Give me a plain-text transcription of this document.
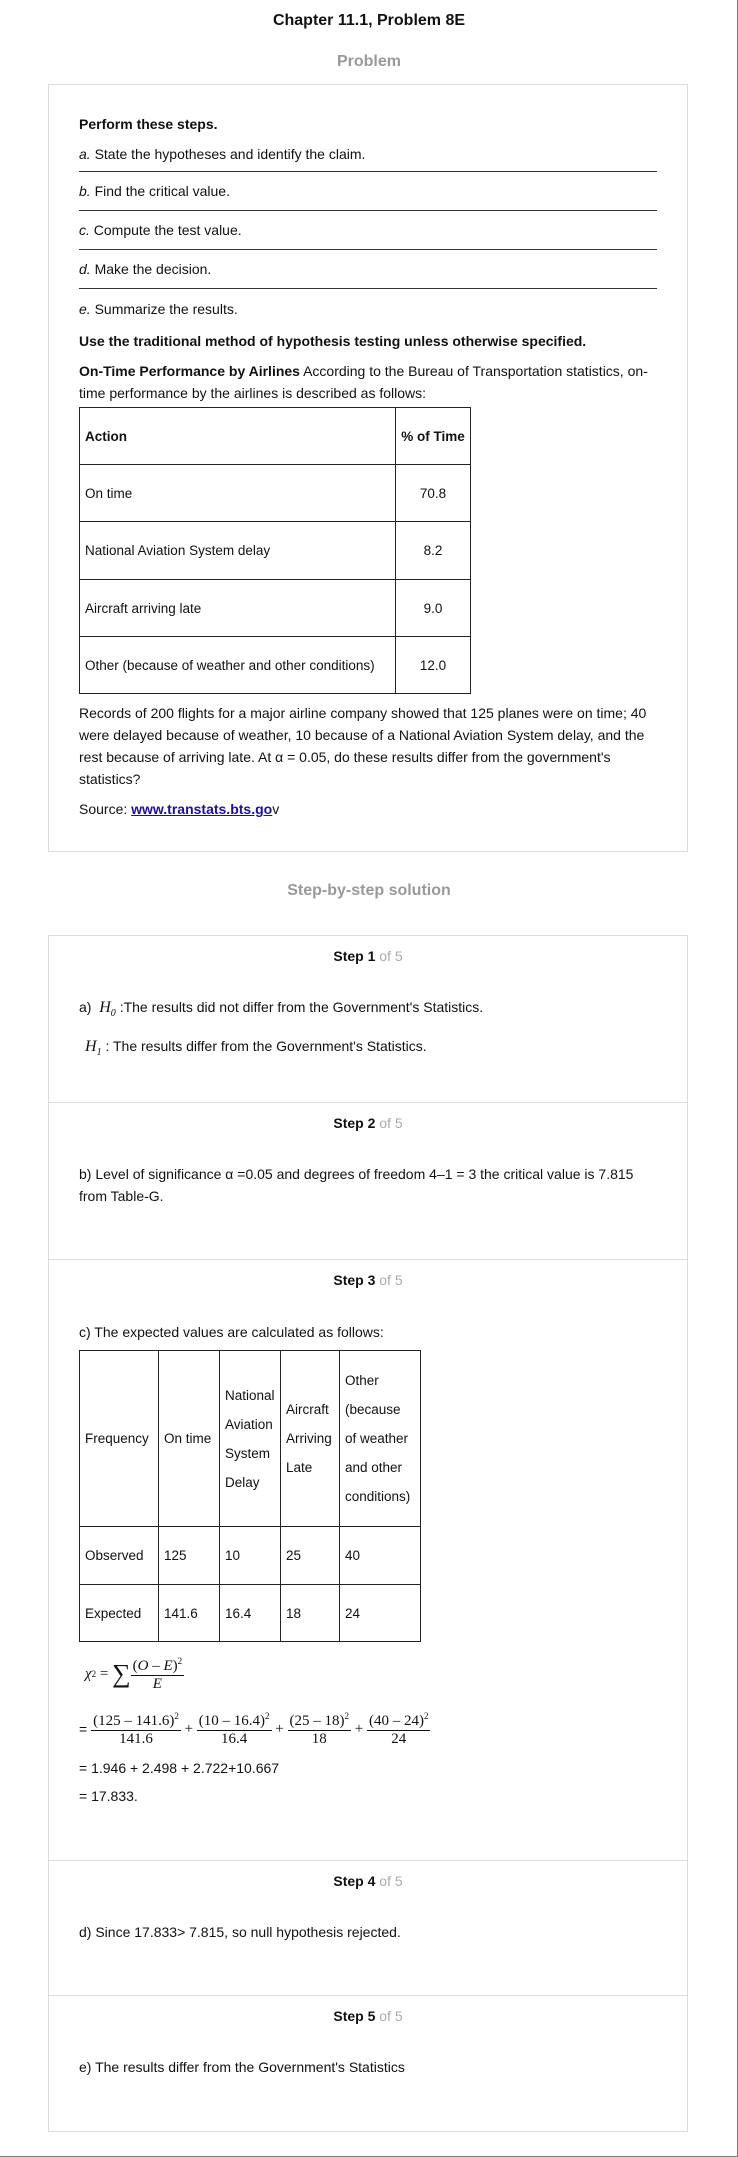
Chapter 11.1, Problem 8E
Problem

Perform these steps.

a. State the hypotheses and identify the claim.

b. Find the critical value.

c. Compute the test value.

d. Make the decision.

e. Summarize the results.

Use the traditional method of hypothesis testing unless otherwise specified.

On-Time Performance by Airlines According to the Bureau of Transportation statistics, on-time performance by the airlines is described as follows:

Action	% of Time
On time	70.8
National Aviation System delay	8.2
Aircraft arriving late	9.0
Other (because of weather and other conditions)	12.0

Records of 200 flights for a major airline company showed that 125 planes were on time; 40 were delayed because of weather, 10 because of a National Aviation System delay, and the rest because of arriving late. At α = 0.05, do these results differ from the government's statistics?

Source: www.transtats.bts.gov

Step-by-step solution
Step 1 of 5

a) $H_0$ :The results did not differ from the Government's Statistics.

$H_1$ : The results differ from the Government's Statistics.

Step 2 of 5

b) Level of significance α =0.05 and degrees of freedom 4–1 = 3 the critical value is 7.815 from Table-G.

Step 3 of 5

c) The expected values are calculated as follows:

Frequency	On time	National Aviation System Delay	Aircraft Arriving Late	Other (because of weather and other conditions)
Observed	125	10	25	40
Expected	141.6	16.4	18	24
χ 2 = ∑ $\frac{(O - E)^2}{E}$
= $\frac{(125 - 141.6)^2}{141.6} + \frac{(10 - 16.4)^2}{16.4} + \frac{(25 - 18)^2}{18} + \frac{(40 - 24)^2}{24}$

= 1.946 + 2.498 + 2.722+10.667

= 17.833.

Step 4 of 5

d) Since 17.833> 7.815, so null hypothesis rejected.

Step 5 of 5

e) The results differ from the Government's Statistics
